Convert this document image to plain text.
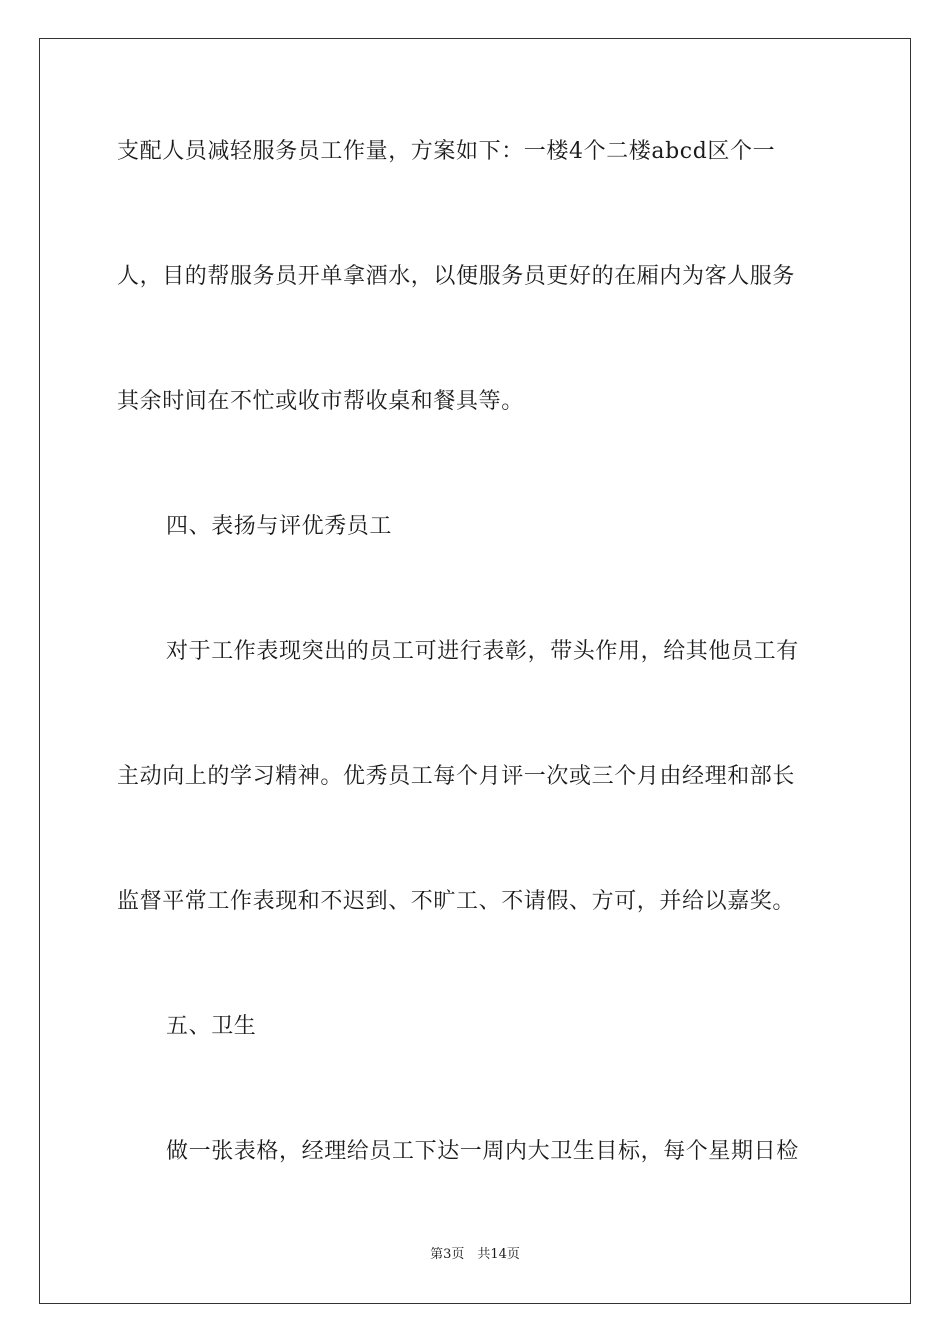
支配人员减轻服务员工作量，方案如下：一楼4个二楼abcd区个一
人，目的帮服务员开单拿酒水，以便服务员更好的在厢内为客人服务
其余时间在不忙或收市帮收桌和餐具等。
四、表扬与评优秀员工
对于工作表现突出的员工可进行表彰，带头作用，给其他员工有
主动向上的学习精神。优秀员工每个月评一次或三个月由经理和部长
监督平常工作表现和不迟到、不旷工、不请假、方可，并给以嘉奖。
五、卫生
做一张表格，经理给员工下达一周内大卫生目标，每个星期日检
第3页　共14页
